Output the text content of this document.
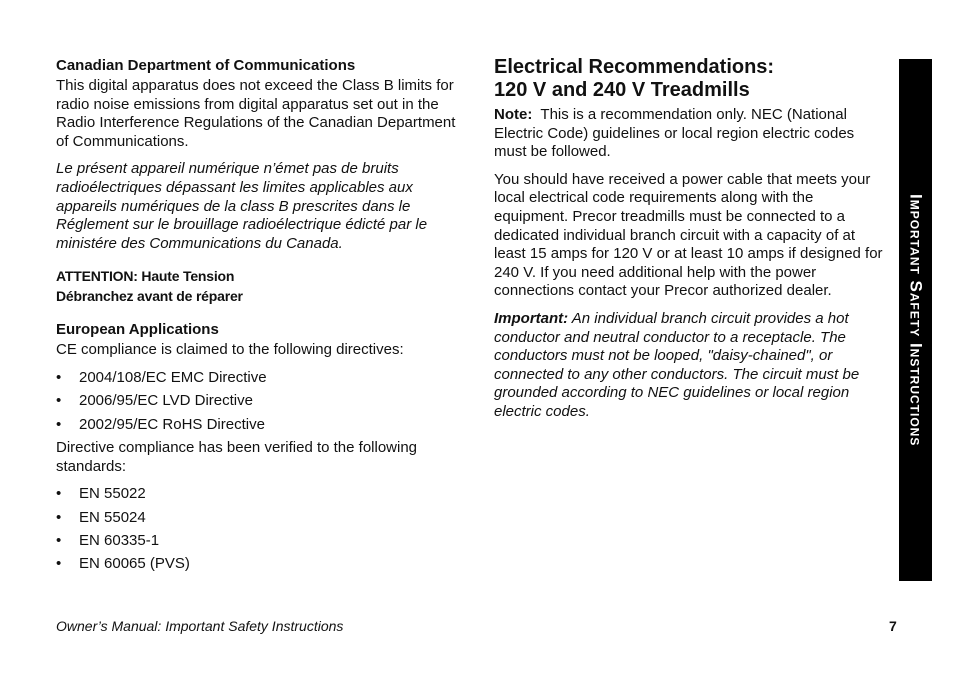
Canadian Department of Communications

This digital apparatus does not exceed the Class B limits for radio noise emissions from digital apparatus set out in the Radio Interference Regulations of the Canadian Department of Communications.

Le présent appareil numérique n’émet pas de bruits radioélectriques dépassant les limites applicables aux appareils numériques de la class B prescrites dans le Réglement sur le brouillage radioélectrique édicté par le ministére des Communications du Canada.

ATTENTION: Haute Tension

Débranchez avant de réparer

European Applications

CE compliance is claimed to the following directives:

• 2004/108/EC EMC Directive
• 2006/95/EC LVD Directive
• 2002/95/EC RoHS Directive

Directive compliance has been verified to the following standards:

• EN 55022
• EN 55024
• EN 60335-1
• EN 60065 (PVS)

Electrical Recommendations:

120 V and 240 V Treadmills

Note: This is a recommendation only. NEC (National Electric Code) guidelines or local region electric codes must be followed.

You should have received a power cable that meets your local electrical code requirements along with the equipment. Precor treadmills must be connected to a dedicated individual branch circuit with a capacity of at least 15 amps for 120 V or at least 10 amps if designed for 240 V. If you need additional help with the power connections contact your Precor authorized dealer.

Important: An individual branch circuit provides a hot conductor and neutral conductor to a receptacle. The conductors must not be looped, "daisy-chained", or connected to any other conductors. The circuit must be grounded according to NEC guidelines or local region electric codes.	Important Safety Instructions
Owner’s Manual: Important Safety Instructions	7
